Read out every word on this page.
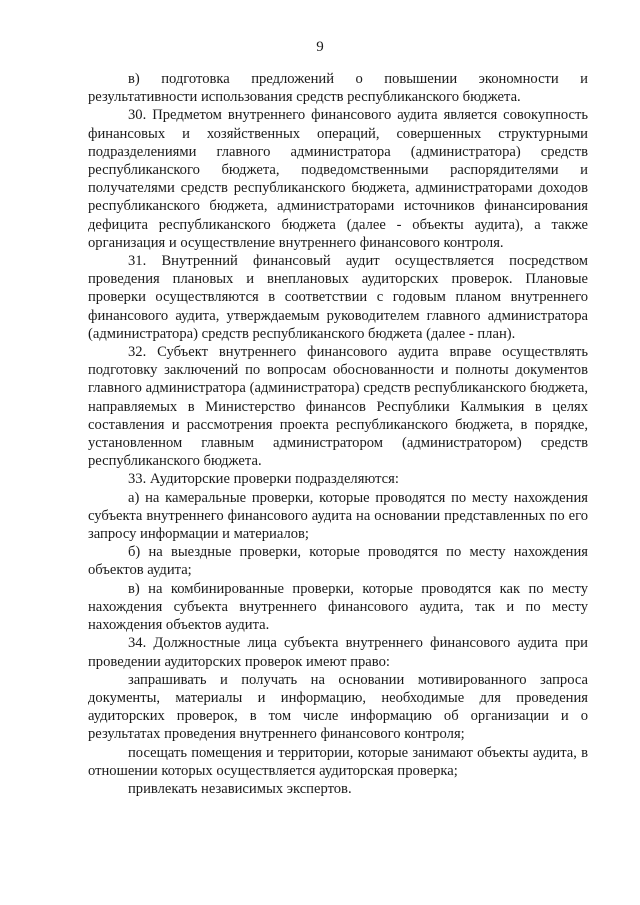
9

в) подготовка предложений о повышении экономности и результативности использования средств республиканского бюджета.

30. Предметом внутреннего финансового аудита является совокупность финансовых и хозяйственных операций, совершенных структурными подразделениями главного администратора (администратора) средств республиканского бюджета, подведомственными распорядителями и получателями средств республиканского бюджета, администраторами доходов республиканского бюджета, администраторами источников финансирования дефицита республиканского бюджета (далее - объекты аудита), а также организация и осуществление внутреннего финансового контроля.

31. Внутренний финансовый аудит осуществляется посредством проведения плановых и внеплановых аудиторских проверок. Плановые проверки осуществляются в соответствии с годовым планом внутреннего финансового аудита, утверждаемым руководителем главного администратора (администратора) средств республиканского бюджета (далее - план).

32. Субъект внутреннего финансового аудита вправе осуществлять подготовку заключений по вопросам обоснованности и полноты документов главного администратора (администратора) средств республиканского бюджета, направляемых в Министерство финансов Республики Калмыкия в целях составления и рассмотрения проекта республиканского бюджета, в порядке, установленном главным администратором (администратором) средств республиканского бюджета.

33. Аудиторские проверки подразделяются:

а) на камеральные проверки, которые проводятся по месту нахождения субъекта внутреннего финансового аудита на основании представленных по его запросу информации и материалов;

б) на выездные проверки, которые проводятся по месту нахождения объектов аудита;

в) на комбинированные проверки, которые проводятся как по месту нахождения субъекта внутреннего финансового аудита, так и по месту нахождения объектов аудита.

34. Должностные лица субъекта внутреннего финансового аудита при проведении аудиторских проверок имеют право:

запрашивать и получать на основании мотивированного запроса документы, материалы и информацию, необходимые для проведения аудиторских проверок, в том числе информацию об организации и о результатах проведения внутреннего финансового контроля;

посещать помещения и территории, которые занимают объекты аудита, в отношении которых осуществляется аудиторская проверка;

привлекать независимых экспертов.
